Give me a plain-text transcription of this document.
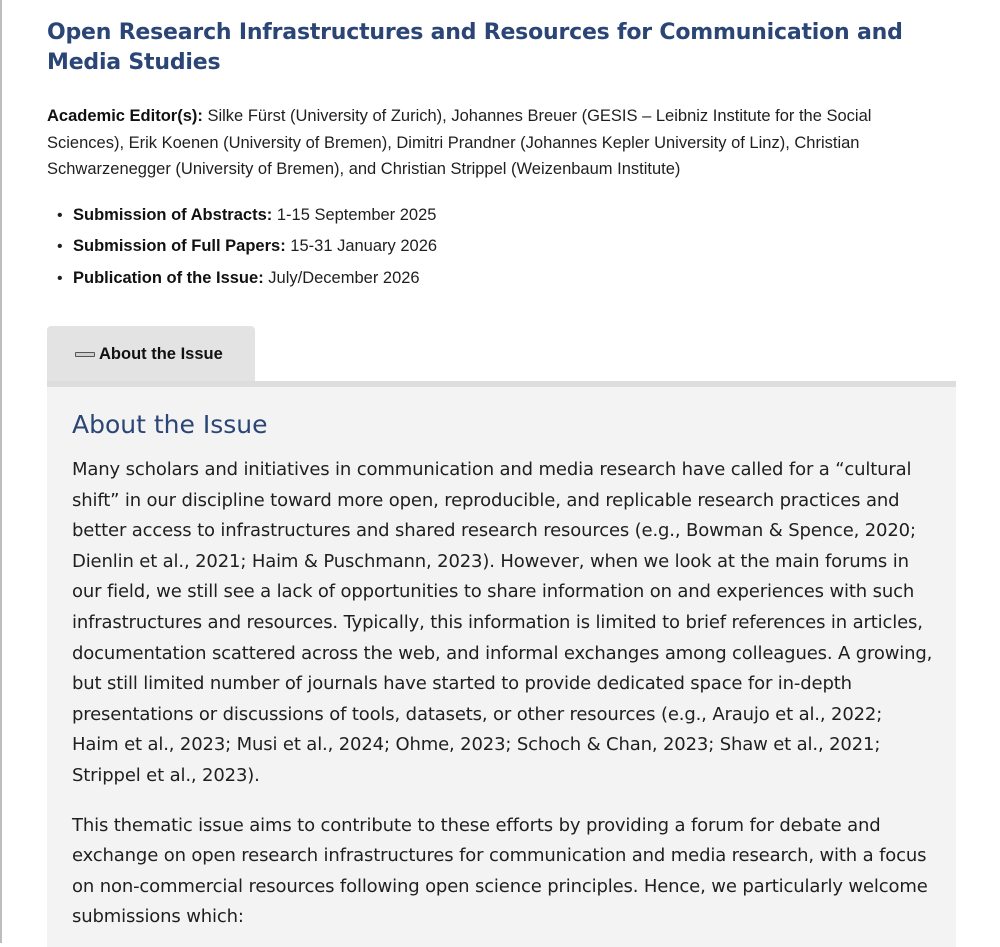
Open Research Infrastructures and Resources for Communication and Media Studies

Academic Editor(s): Silke Fürst (University of Zurich), Johannes Breuer (GESIS – Leibniz Institute for the Social Sciences), Erik Koenen (University of Bremen), Dimitri Prandner (Johannes Kepler University of Linz), Christian Schwarzenegger (University of Bremen), and Christian Strippel (Weizenbaum Institute)

• Submission of Abstracts: 1-15 September 2025
• Submission of Full Papers: 15-31 January 2026
• Publication of the Issue: July/December 2026
About the Issue
About the Issue

Many scholars and initiatives in communication and media research have called for a “cultural shift” in our discipline toward more open, reproducible, and replicable research practices and better access to infrastructures and shared research resources (e.g., Bowman & Spence, 2020; Dienlin et al., 2021; Haim & Puschmann, 2023). However, when we look at the main forums in our field, we still see a lack of opportunities to share information on and experiences with such infrastructures and resources. Typically, this information is limited to brief references in articles, documentation scattered across the web, and informal exchanges among colleagues. A growing, but still limited number of journals have started to provide dedicated space for in-depth presentations or discussions of tools, datasets, or other resources (e.g., Araujo et al., 2022; Haim et al., 2023; Musi et al., 2024; Ohme, 2023; Schoch & Chan, 2023; Shaw et al., 2021; Strippel et al., 2023).

This thematic issue aims to contribute to these efforts by providing a forum for debate and exchange on open research infrastructures for communication and media research, with a focus on non-commercial resources following open science principles. Hence, we particularly welcome submissions which:
